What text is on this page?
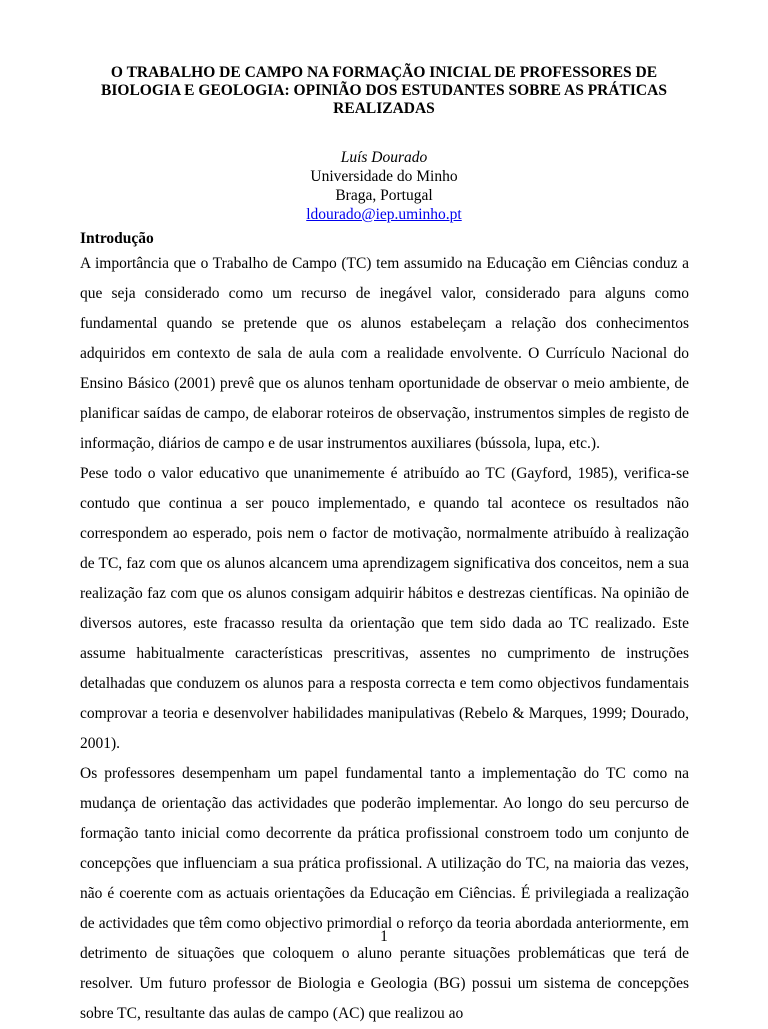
O TRABALHO DE CAMPO NA FORMAÇÃO INICIAL DE PROFESSORES DE BIOLOGIA E GEOLOGIA: OPINIÃO DOS ESTUDANTES SOBRE AS PRÁTICAS REALIZADAS
Luís Dourado
Universidade do Minho
Braga, Portugal
ldourado@iep.uminho.pt
Introdução

A importância que o Trabalho de Campo (TC) tem assumido na Educação em Ciências conduz a que seja considerado como um recurso de inegável valor, considerado para alguns como fundamental quando se pretende que os alunos estabeleçam a relação dos conhecimentos adquiridos em contexto de sala de aula com a realidade envolvente. O Currículo Nacional do Ensino Básico (2001) prevê que os alunos tenham oportunidade de observar o meio ambiente, de planificar saídas de campo, de elaborar roteiros de observação, instrumentos simples de registo de informação, diários de campo e de usar instrumentos auxiliares (bússola, lupa, etc.).

Pese todo o valor educativo que unanimemente é atribuído ao TC (Gayford, 1985), verifica-se contudo que continua a ser pouco implementado, e quando tal acontece os resultados não correspondem ao esperado, pois nem o factor de motivação, normalmente atribuído à realização de TC, faz com que os alunos alcancem uma aprendizagem significativa dos conceitos, nem a sua realização faz com que os alunos consigam adquirir hábitos e destrezas científicas. Na opinião de diversos autores, este fracasso resulta da orientação que tem sido dada ao TC realizado. Este assume habitualmente características prescritivas, assentes no cumprimento de instruções detalhadas que conduzem os alunos para a resposta correcta e tem como objectivos fundamentais comprovar a teoria e desenvolver habilidades manipulativas (Rebelo & Marques, 1999; Dourado, 2001).

Os professores desempenham um papel fundamental tanto a implementação do TC como na mudança de orientação das actividades que poderão implementar. Ao longo do seu percurso de formação tanto inicial como decorrente da prática profissional constroem todo um conjunto de concepções que influenciam a sua prática profissional. A utilização do TC, na maioria das vezes, não é coerente com as actuais orientações da Educação em Ciências. É privilegiada a realização de actividades que têm como objectivo primordial o reforço da teoria abordada anteriormente, em detrimento de situações que coloquem o aluno perante situações problemáticas que terá de resolver. Um futuro professor de Biologia e Geologia (BG) possui um sistema de concepções sobre TC, resultante das aulas de campo (AC) que realizou ao

1
